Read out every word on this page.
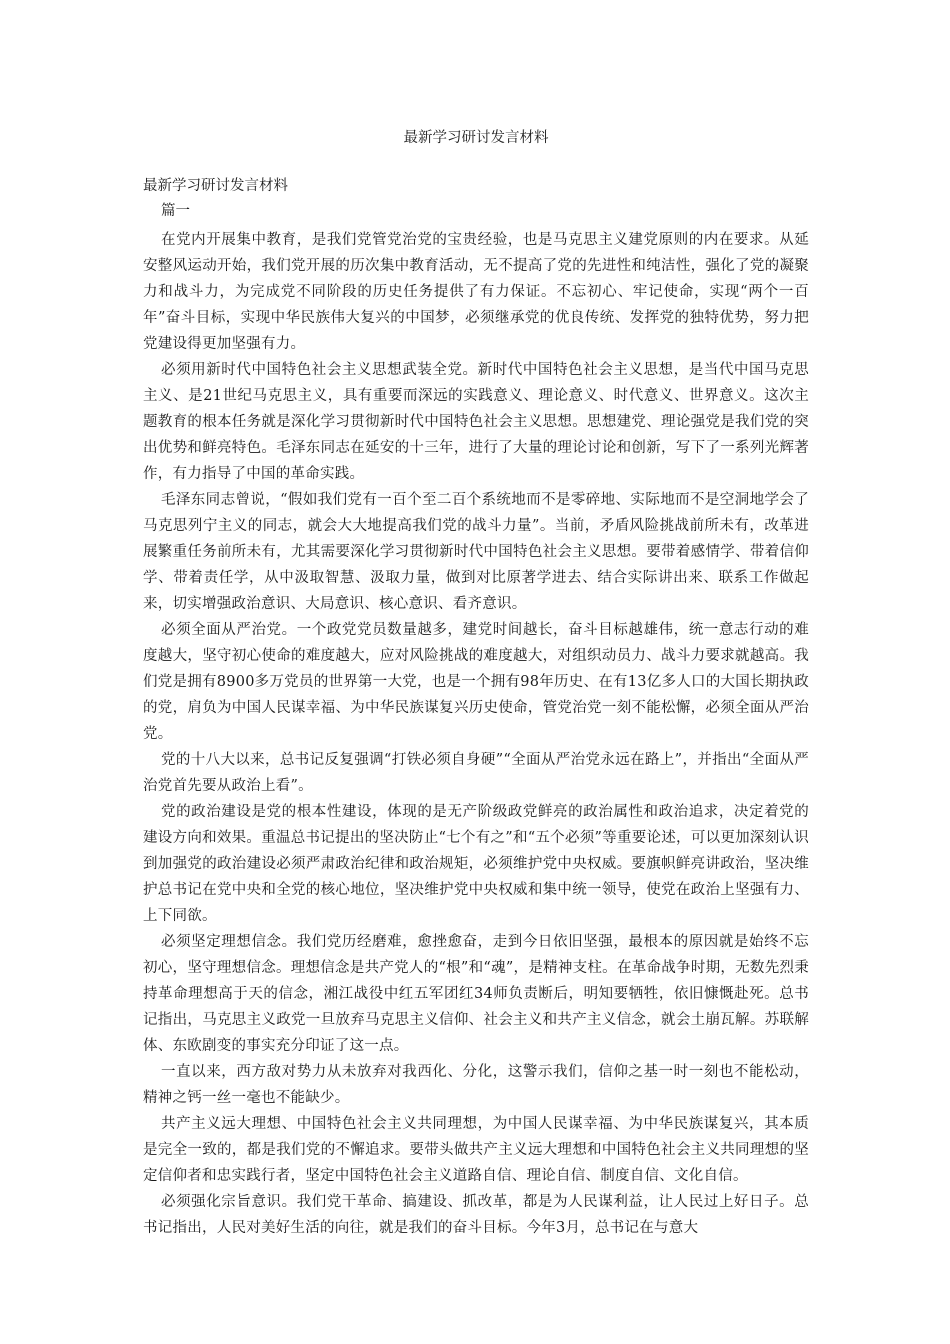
最新学习研讨发言材料

最新学习研讨发言材料

篇一

在党内开展集中教育，是我们党管党治党的宝贵经验，也是马克思主义建党原则的内在要求。从延安整风运动开始，我们党开展的历次集中教育活动，无不提高了党的先进性和纯洁性，强化了党的凝聚力和战斗力，为完成党不同阶段的历史任务提供了有力保证。不忘初心、牢记使命，实现“两个一百年”奋斗目标，实现中华民族伟大复兴的中国梦，必须继承党的优良传统、发挥党的独特优势，努力把党建设得更加坚强有力。

必须用新时代中国特色社会主义思想武装全党。新时代中国特色社会主义思想，是当代中国马克思主义、是21世纪马克思主义，具有重要而深远的实践意义、理论意义、时代意义、世界意义。这次主题教育的根本任务就是深化学习贯彻新时代中国特色社会主义思想。思想建党、理论强党是我们党的突出优势和鲜亮特色。毛泽东同志在延安的十三年，进行了大量的理论讨论和创新，写下了一系列光辉著作，有力指导了中国的革命实践。

毛泽东同志曾说，“假如我们党有一百个至二百个系统地而不是零碎地、实际地而不是空洞地学会了马克思列宁主义的同志，就会大大地提高我们党的战斗力量”。当前，矛盾风险挑战前所未有，改革进展繁重任务前所未有，尤其需要深化学习贯彻新时代中国特色社会主义思想。要带着感情学、带着信仰学、带着责任学，从中汲取智慧、汲取力量，做到对比原著学进去、结合实际讲出来、联系工作做起来，切实增强政治意识、大局意识、核心意识、看齐意识。

必须全面从严治党。一个政党党员数量越多，建党时间越长，奋斗目标越雄伟，统一意志行动的难度越大，坚守初心使命的难度越大，应对风险挑战的难度越大，对组织动员力、战斗力要求就越高。我们党是拥有8900多万党员的世界第一大党，也是一个拥有98年历史、在有13亿多人口的大国长期执政的党，肩负为中国人民谋幸福、为中华民族谋复兴历史使命，管党治党一刻不能松懈，必须全面从严治党。

党的十八大以来，总书记反复强调“打铁必须自身硬”“全面从严治党永远在路上”，并指出“全面从严治党首先要从政治上看”。

党的政治建设是党的根本性建设，体现的是无产阶级政党鲜亮的政治属性和政治追求，决定着党的建设方向和效果。重温总书记提出的坚决防止“七个有之”和“五个必须”等重要论述，可以更加深刻认识到加强党的政治建设必须严肃政治纪律和政治规矩，必须维护党中央权威。要旗帜鲜亮讲政治，坚决维护总书记在党中央和全党的核心地位，坚决维护党中央权威和集中统一领导，使党在政治上坚强有力、上下同欲。

必须坚定理想信念。我们党历经磨难，愈挫愈奋，走到今日依旧坚强，最根本的原因就是始终不忘初心，坚守理想信念。理想信念是共产党人的“根”和“魂”，是精神支柱。在革命战争时期，无数先烈秉持革命理想高于天的信念，湘江战役中红五军团红34师负责断后，明知要牺牲，依旧慷慨赴死。总书记指出，马克思主义政党一旦放弃马克思主义信仰、社会主义和共产主义信念，就会土崩瓦解。苏联解体、东欧剧变的事实充分印证了这一点。

一直以来，西方敌对势力从未放弃对我西化、分化，这警示我们，信仰之基一时一刻也不能松动，精神之钙一丝一毫也不能缺少。

共产主义远大理想、中国特色社会主义共同理想，为中国人民谋幸福、为中华民族谋复兴，其本质是完全一致的，都是我们党的不懈追求。要带头做共产主义远大理想和中国特色社会主义共同理想的坚定信仰者和忠实践行者，坚定中国特色社会主义道路自信、理论自信、制度自信、文化自信。

必须强化宗旨意识。我们党干革命、搞建设、抓改革，都是为人民谋利益，让人民过上好日子。总书记指出，人民对美好生活的向往，就是我们的奋斗目标。今年3月，总书记在与意大
